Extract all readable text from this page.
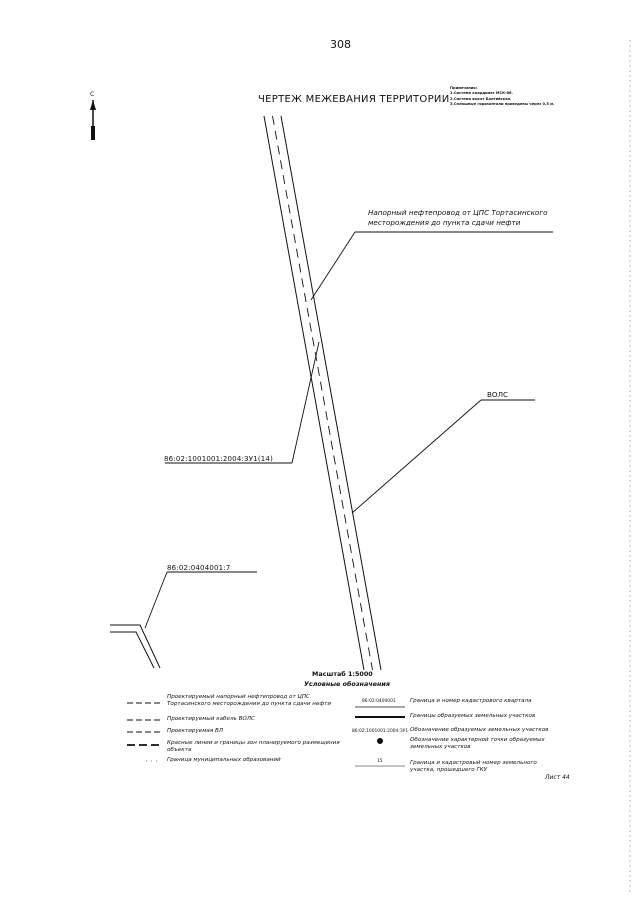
308
ЧЕРТЕЖ МЕЖЕВАНИЯ ТЕРРИТОРИИ
Примечания:
1.Система координат МСК-86.
2.Система высот Балтийская.
3.Сплошные горизонтали проведены через 0,5 м.
С
Напорный нефтепровод от ЦПС Тортасинского
месторождения до пункта сдачи нефти
ВОЛС
86:02:1001001:2004:ЗУ1(14)
86:02:0404001:7
Масштаб 1:5000
Условные обозначения
Проектируемый напорный нефтепровод от ЦПС
Тортасинского месторождения до пункта сдачи нефти
Проектируемый кабель ВОЛС
Проектируемая ВЛ
Красные линии и границы зон планируемого размещения
объекта
Граница муниципальных образований
86:02:0404001	Граница и номер кадастрового квартала
Границы образуемых земельных участков
86:02:1001001:2004:ЗУ1 Обозначение образуемых земельных участков
Обозначение характерной точки образуемых
земельных участков
15	Граница и кадастровый номер земельного
участка, прошедшего ГКУ
Лист 44
